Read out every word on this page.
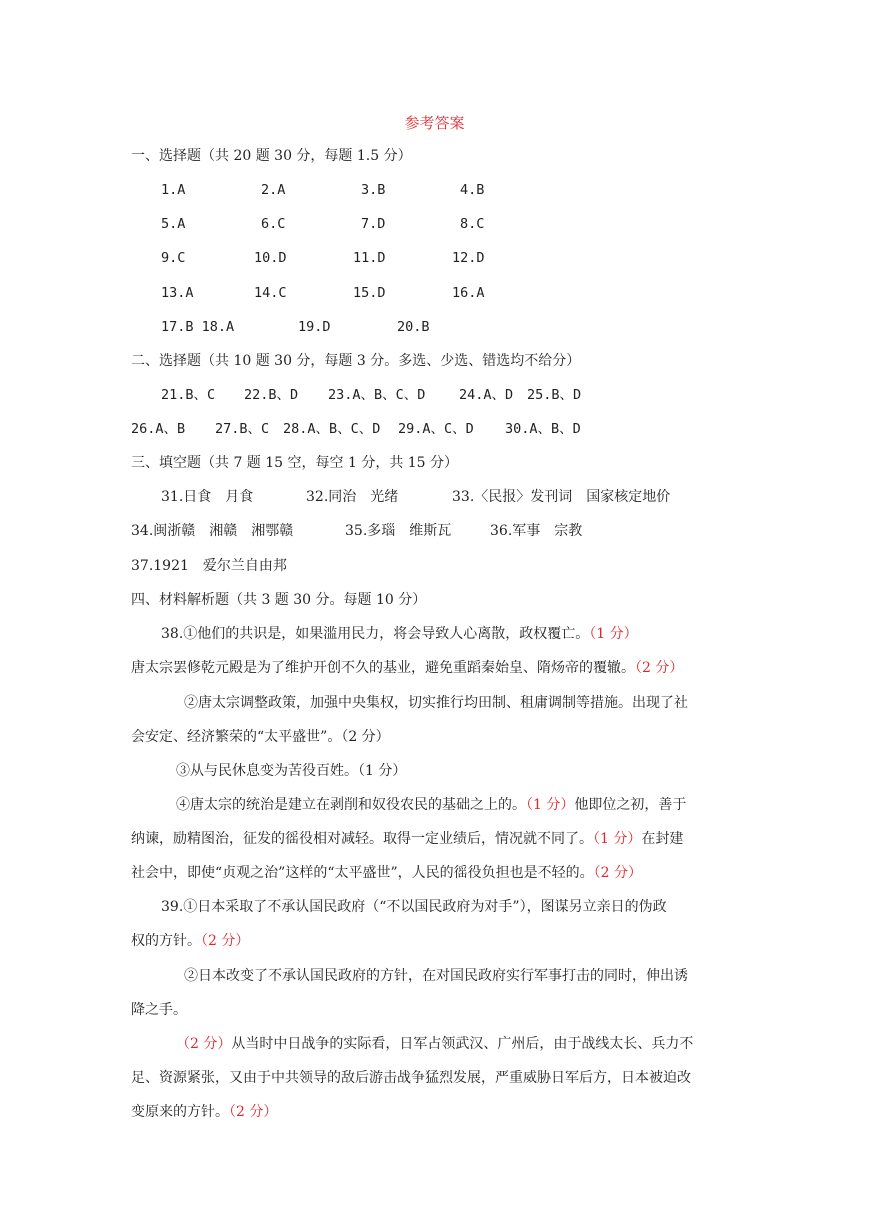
参考答案
一、选择题（共 20 题 30 分，每题 1.5 分）
1.A	2.A	3.B	4.B
5.A	6.C	7.D	8.C
9.C	10.D	11.D	12.D
13.A	14.C	15.D	16.A
17.B 18.A	19.D	20.B
二、选择题（共 10 题 30 分，每题 3 分。多选、少选、错选均不给分）
21.B、C 22.B、D 23.A、B、C、D 24.A、D 25.B、D
26.A、B 27.B、C 28.A、B、C、D 29.A、C、D 30.A、B、D
三、填空题（共 7 题 15 空，每空 1 分，共 15 分）
31.日食　月食	32.同治　光绪	33.〈民报〉发刊词　国家核定地价
34.闽浙赣　湘赣　湘鄂赣	35.多瑙　维斯瓦	36.军事　宗教
37.1921　爱尔兰自由邦
四、材料解析题（共 3 题 30 分。每题 10 分）
38.①他们的共识是，如果滥用民力，将会导致人心离散，政权覆亡。（1 分）
唐太宗罢修乾元殿是为了维护开创不久的基业，避免重蹈秦始皇、隋炀帝的覆辙。（2 分）
②唐太宗调整政策，加强中央集权，切实推行均田制、租庸调制等措施。出现了社
会安定、经济繁荣的“太平盛世”。（2 分）
③从与民休息变为苦役百姓。（1 分）
④唐太宗的统治是建立在剥削和奴役农民的基础之上的。（1 分）他即位之初，善于
纳谏，励精图治，征发的徭役相对减轻。取得一定业绩后，情况就不同了。（1 分）在封建
社会中，即使“贞观之治”这样的“太平盛世”，人民的徭役负担也是不轻的。（2 分）
39.①日本采取了不承认国民政府（“不以国民政府为对手”），图谋另立亲日的伪政
权的方针。（2 分）
②日本改变了不承认国民政府的方针，在对国民政府实行军事打击的同时，伸出诱
降之手。
（2 分）从当时中日战争的实际看，日军占领武汉、广州后，由于战线太长、兵力不
足、资源紧张，又由于中共领导的敌后游击战争猛烈发展，严重威胁日军后方，日本被迫改
变原来的方针。（2 分）
